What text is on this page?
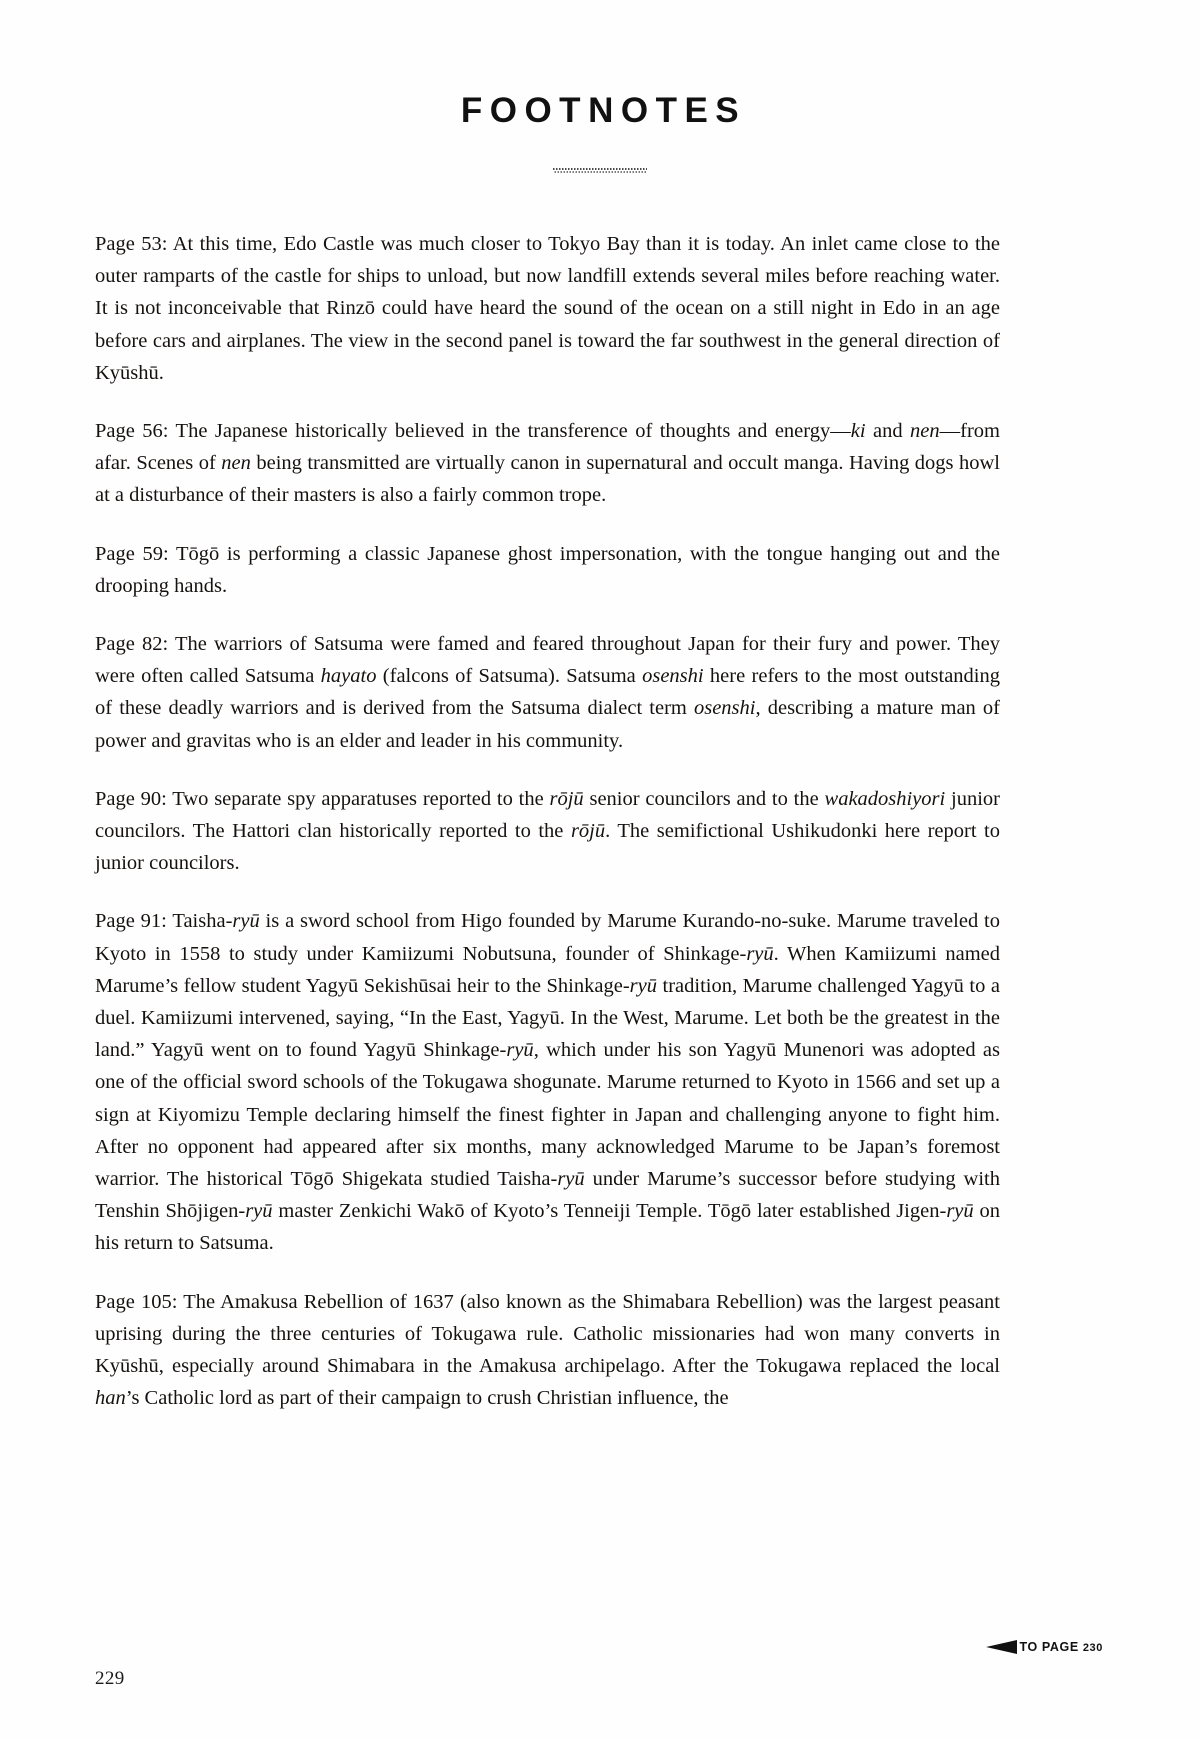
FOOTNOTES

Page 53: At this time, Edo Castle was much closer to Tokyo Bay than it is today. An inlet came close to the outer ramparts of the castle for ships to unload, but now landfill extends several miles before reaching water. It is not inconceivable that Rinzō could have heard the sound of the ocean on a still night in Edo in an age before cars and airplanes. The view in the second panel is toward the far southwest in the general direction of Kyūshū.

Page 56: The Japanese historically believed in the transference of thoughts and energy—ki and nen—from afar. Scenes of nen being transmitted are virtually canon in supernatural and occult manga. Having dogs howl at a disturbance of their masters is also a fairly common trope.

Page 59: Tōgō is performing a classic Japanese ghost impersonation, with the tongue hanging out and the drooping hands.

Page 82: The warriors of Satsuma were famed and feared throughout Japan for their fury and power. They were often called Satsuma hayato (falcons of Satsuma). Satsuma osenshi here refers to the most outstanding of these deadly warriors and is derived from the Satsuma dialect term osenshi, describing a mature man of power and gravitas who is an elder and leader in his community.

Page 90: Two separate spy apparatuses reported to the rōjū senior councilors and to the wakadoshiyori junior councilors. The Hattori clan historically reported to the rōjū. The semifictional Ushikudonki here report to junior councilors.

Page 91: Taisha-ryū is a sword school from Higo founded by Marume Kurando-no-suke. Marume traveled to Kyoto in 1558 to study under Kamiizumi Nobutsuna, founder of Shinkage-ryū. When Kamiizumi named Marume’s fellow student Yagyū Sekishūsai heir to the Shinkage-ryū tradition, Marume challenged Yagyū to a duel. Kamiizumi intervened, saying, “In the East, Yagyū. In the West, Marume. Let both be the greatest in the land.” Yagyū went on to found Yagyū Shinkage-ryū, which under his son Yagyū Munenori was adopted as one of the official sword schools of the Tokugawa shogunate. Marume returned to Kyoto in 1566 and set up a sign at Kiyomizu Temple declaring himself the finest fighter in Japan and challenging anyone to fight him. After no opponent had appeared after six months, many acknowledged Marume to be Japan’s foremost warrior. The historical Tōgō Shigekata studied Taisha-ryū under Marume’s successor before studying with Tenshin Shōjigen-ryū master Zenkichi Wakō of Kyoto’s Tenneiji Temple. Tōgō later established Jigen-ryū on his return to Satsuma.

Page 105: The Amakusa Rebellion of 1637 (also known as the Shimabara Rebellion) was the largest peasant uprising during the three centuries of Tokugawa rule. Catholic missionaries had won many converts in Kyūshū, especially around Shimabara in the Amakusa archipelago. After the Tokugawa replaced the local han’s Catholic lord as part of their campaign to crush Christian influence, the

TO PAGE 230
229
